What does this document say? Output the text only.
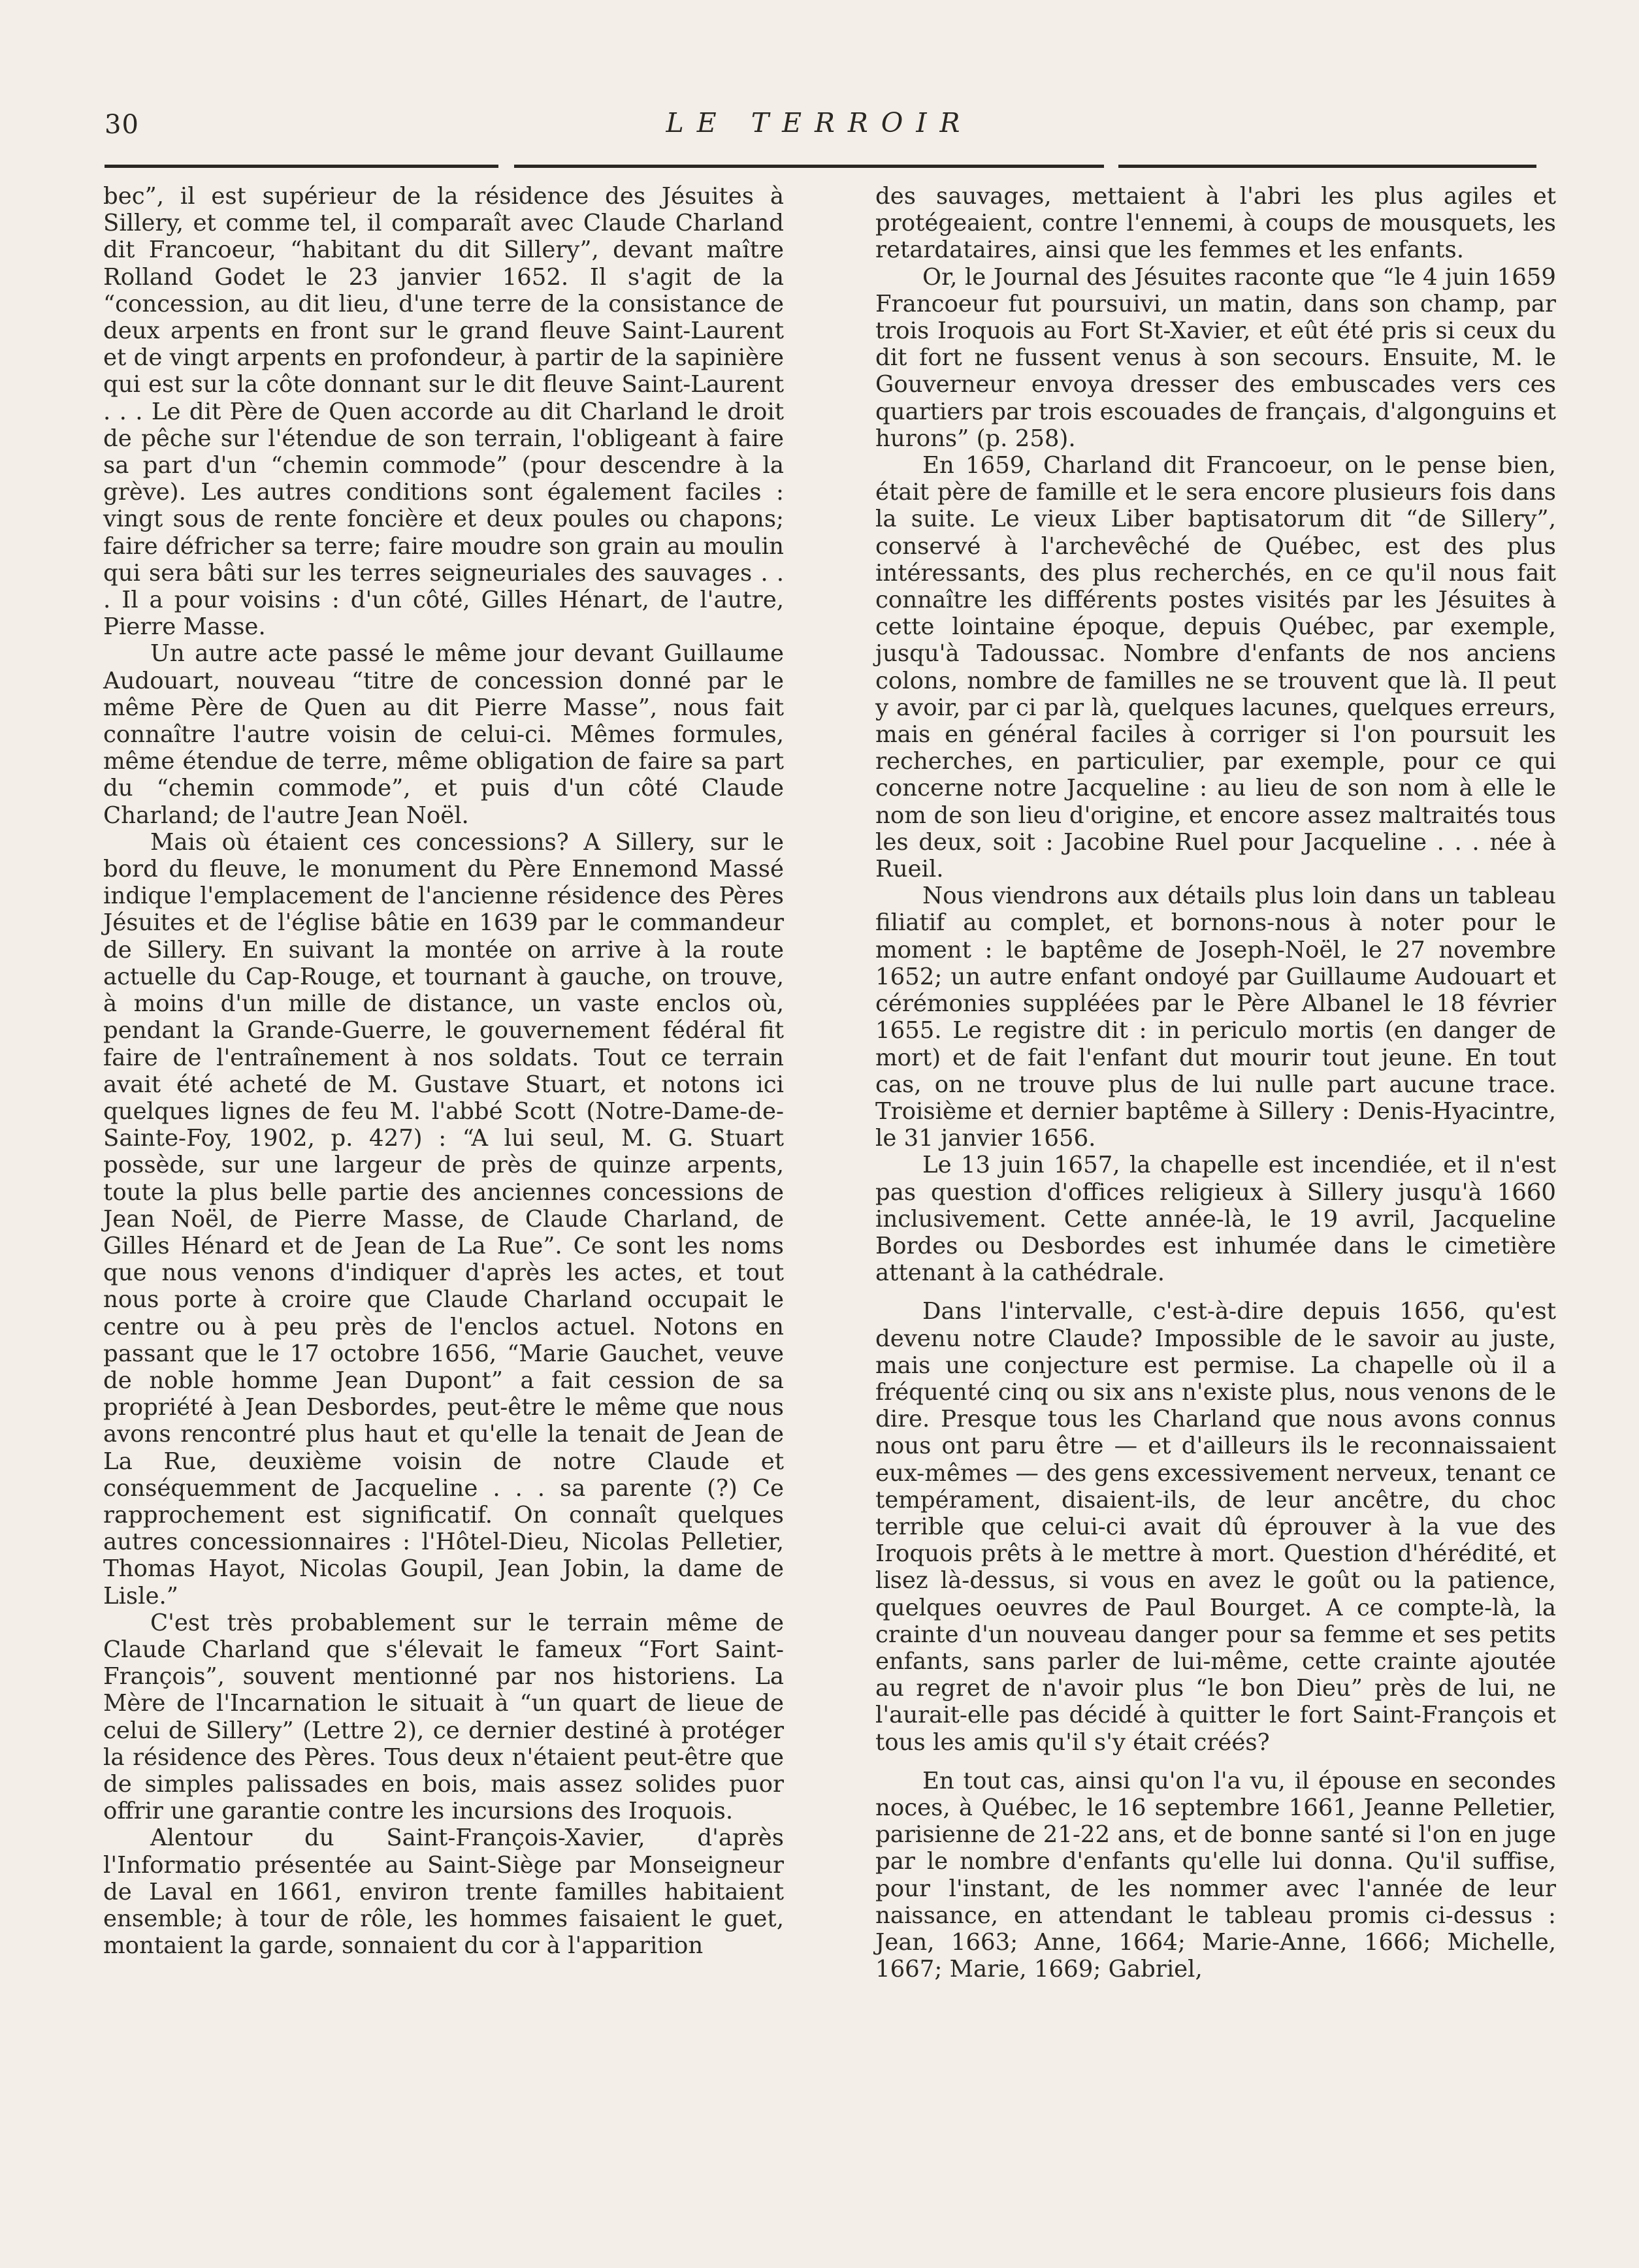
30	LE TERROIR

bec”, il est supérieur de la résidence des Jésuites à Sillery, et comme tel, il comparaît avec Claude Charland dit Francoeur, “habitant du dit Sillery”, devant maître Rolland Godet le 23 janvier 1652. Il s'agit de la “concession, au dit lieu, d'une terre de la consistance de deux arpents en front sur le grand fleuve Saint-Laurent et de vingt arpents en profondeur, à partir de la sapinière qui est sur la côte donnant sur le dit fleuve Saint-Laurent . . . Le dit Père de Quen accorde au dit Charland le droit de pêche sur l'étendue de son terrain, l'obligeant à faire sa part d'un “chemin commode” (pour descendre à la grève). Les autres conditions sont également faciles : vingt sous de rente foncière et deux poules ou chapons; faire défricher sa terre; faire moudre son grain au moulin qui sera bâti sur les terres seigneuriales des sauvages . . . Il a pour voisins : d'un côté, Gilles Hénart, de l'autre, Pierre Masse.

Un autre acte passé le même jour devant Guillaume Audouart, nouveau “titre de concession donné par le même Père de Quen au dit Pierre Masse”, nous fait connaître l'autre voisin de celui-ci. Mêmes formules, même étendue de terre, même obligation de faire sa part du “chemin commode”, et puis d'un côté Claude Charland; de l'autre Jean Noël.

Mais où étaient ces concessions? A Sillery, sur le bord du fleuve, le monument du Père Ennemond Massé indique l'emplacement de l'ancienne résidence des Pères Jésuites et de l'église bâtie en 1639 par le commandeur de Sillery. En suivant la montée on arrive à la route actuelle du Cap-Rouge, et tournant à gauche, on trouve, à moins d'un mille de distance, un vaste enclos où, pendant la Grande-Guerre, le gouvernement fédéral fit faire de l'entraînement à nos soldats. Tout ce terrain avait été acheté de M. Gustave Stuart, et notons ici quelques lignes de feu M. l'abbé Scott (Notre-Dame-de-Sainte-Foy, 1902, p. 427) : “A lui seul, M. G. Stuart possède, sur une largeur de près de quinze arpents, toute la plus belle partie des anciennes concessions de Jean Noël, de Pierre Masse, de Claude Charland, de Gilles Hénard et de Jean de La Rue”. Ce sont les noms que nous venons d'indiquer d'après les actes, et tout nous porte à croire que Claude Charland occupait le centre ou à peu près de l'enclos actuel. Notons en passant que le 17 octobre 1656, “Marie Gauchet, veuve de noble homme Jean Dupont” a fait cession de sa propriété à Jean Desbordes, peut-être le même que nous avons rencontré plus haut et qu'elle la tenait de Jean de La Rue, deuxième voisin de notre Claude et conséquemment de Jacqueline . . . sa parente (?) Ce rapprochement est significatif. On connaît quelques autres concessionnaires : l'Hôtel-Dieu, Nicolas Pelletier, Thomas Hayot, Nicolas Goupil, Jean Jobin, la dame de Lisle.”

C'est très probablement sur le terrain même de Claude Charland que s'élevait le fameux “Fort Saint-François”, souvent mentionné par nos historiens. La Mère de l'Incarnation le situait à “un quart de lieue de celui de Sillery” (Lettre 2), ce dernier destiné à protéger la résidence des Pères. Tous deux n'étaient peut-être que de simples palissades en bois, mais assez solides puor offrir une garantie contre les incursions des Iroquois.

Alentour du Saint-François-Xavier, d'après l'Informatio présentée au Saint-Siège par Monseigneur de Laval en 1661, environ trente familles habitaient ensemble; à tour de rôle, les hommes faisaient le guet, montaient la garde, sonnaient du cor à l'apparition

des sauvages, mettaient à l'abri les plus agiles et protégeaient, contre l'ennemi, à coups de mousquets, les retardataires, ainsi que les femmes et les enfants.

Or, le Journal des Jésuites raconte que “le 4 juin 1659 Francoeur fut poursuivi, un matin, dans son champ, par trois Iroquois au Fort St-Xavier, et eût été pris si ceux du dit fort ne fussent venus à son secours. Ensuite, M. le Gouverneur envoya dresser des embuscades vers ces quartiers par trois escouades de français, d'algonguins et hurons” (p. 258).

En 1659, Charland dit Francoeur, on le pense bien, était père de famille et le sera encore plusieurs fois dans la suite. Le vieux Liber baptisatorum dit “de Sillery”, conservé à l'archevêché de Québec, est des plus intéressants, des plus recherchés, en ce qu'il nous fait connaître les différents postes visités par les Jésuites à cette lointaine époque, depuis Québec, par exemple, jusqu'à Tadoussac. Nombre d'enfants de nos anciens colons, nombre de familles ne se trouvent que là. Il peut y avoir, par ci par là, quelques lacunes, quelques erreurs, mais en général faciles à corriger si l'on poursuit les recherches, en particulier, par exemple, pour ce qui concerne notre Jacqueline : au lieu de son nom à elle le nom de son lieu d'origine, et encore assez maltraités tous les deux, soit : Jacobine Ruel pour Jacqueline . . . née à Rueil.

Nous viendrons aux détails plus loin dans un tableau filiatif au complet, et bornons-nous à noter pour le moment : le baptême de Joseph-Noël, le 27 novembre 1652; un autre enfant ondoyé par Guillaume Audouart et cérémonies suppléées par le Père Albanel le 18 février 1655. Le registre dit : in periculo mortis (en danger de mort) et de fait l'enfant dut mourir tout jeune. En tout cas, on ne trouve plus de lui nulle part aucune trace. Troisième et dernier baptême à Sillery : Denis-Hyacintre, le 31 janvier 1656.

Le 13 juin 1657, la chapelle est incendiée, et il n'est pas question d'offices religieux à Sillery jusqu'à 1660 inclusivement. Cette année-là, le 19 avril, Jacqueline Bordes ou Desbordes est inhumée dans le cimetière attenant à la cathédrale.

Dans l'intervalle, c'est-à-dire depuis 1656, qu'est devenu notre Claude? Impossible de le savoir au juste, mais une conjecture est permise. La chapelle où il a fréquenté cinq ou six ans n'existe plus, nous venons de le dire. Presque tous les Charland que nous avons connus nous ont paru être — et d'ailleurs ils le reconnaissaient eux-mêmes — des gens excessivement nerveux, tenant ce tempérament, disaient-ils, de leur ancêtre, du choc terrible que celui-ci avait dû éprouver à la vue des Iroquois prêts à le mettre à mort. Question d'hérédité, et lisez là-dessus, si vous en avez le goût ou la patience, quelques oeuvres de Paul Bourget. A ce compte-là, la crainte d'un nouveau danger pour sa femme et ses petits enfants, sans parler de lui-même, cette crainte ajoutée au regret de n'avoir plus “le bon Dieu” près de lui, ne l'aurait-elle pas décidé à quitter le fort Saint-François et tous les amis qu'il s'y était créés?

En tout cas, ainsi qu'on l'a vu, il épouse en secondes noces, à Québec, le 16 septembre 1661, Jeanne Pelletier, parisienne de 21-22 ans, et de bonne santé si l'on en juge par le nombre d'enfants qu'elle lui donna. Qu'il suffise, pour l'instant, de les nommer avec l'année de leur naissance, en attendant le tableau promis ci-dessus : Jean, 1663; Anne, 1664; Marie-Anne, 1666; Michelle, 1667; Marie, 1669; Gabriel,
